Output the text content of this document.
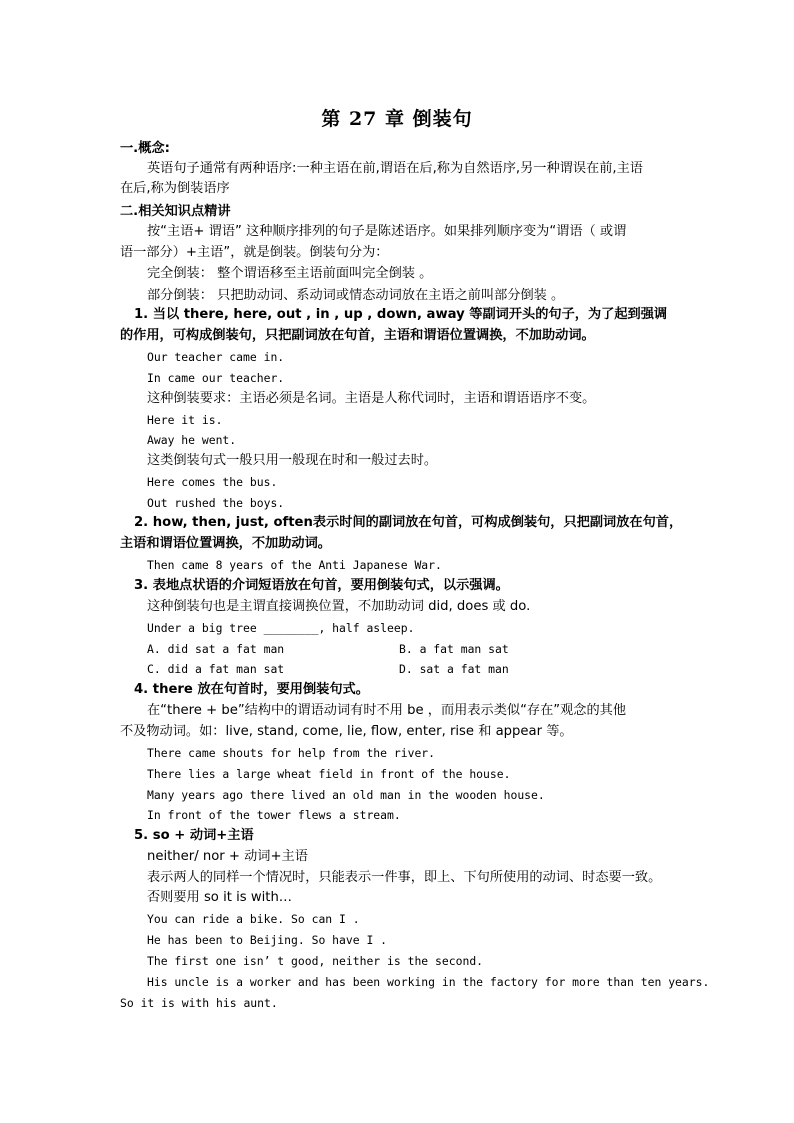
第 27 章 倒装句
一.概念:
英语句子通常有两种语序:一种主语在前,谓语在后,称为自然语序,另一种谓误在前,主语
在后,称为倒装语序
二.相关知识点精讲
按“主语+ 谓语” 这种顺序排列的句子是陈述语序。如果排列顺序变为“谓语（ 或谓
语一部分）+主语”，就是倒装。倒装句分为：
完全倒装： 整个谓语移至主语前面叫完全倒装 。
部分倒装： 只把助动词、系动词或情态动词放在主语之前叫部分倒装 。
1. 当以 there, here, out , in , up , down, away 等副词开头的句子，为了起到强调
的作用，可构成倒装句，只把副词放在句首，主语和谓语位置调换，不加助动词。
Our teacher came in.
In came our teacher.
这种倒装要求：主语必须是名词。主语是人称代词时，主语和谓语语序不变。
Here it is.
Away he went.
这类倒装句式一般只用一般现在时和一般过去时。
Here comes the bus.
Out rushed the boys.
2. how, then, just, often表示时间的副词放在句首，可构成倒装句，只把副词放在句首，
主语和谓语位置调换，不加助动词。
Then came 8 years of the Anti Japanese War.
3. 表地点状语的介词短语放在句首，要用倒装句式，以示强调。
这种倒装句也是主谓直接调换位置，不加助动词 did, does 或 do.
Under a big tree ________, half asleep.
A. did sat a fat man	B. a fat man sat
C. did a fat man sat	D. sat a fat man
4. there 放在句首时，要用倒装句式。
在“there + be”结构中的谓语动词有时不用 be ，而用表示类似“存在”观念的其他
不及物动词。如：live, stand, come, lie, flow, enter, rise 和 appear 等。
There came shouts for help from the river.
There lies a large wheat field in front of the house.
Many years ago there lived an old man in the wooden house.
In front of the tower flews a stream.
5. so + 动词+主语
neither/ nor + 动词+主语
表示两人的同样一个情况时，只能表示一件事，即上、下句所使用的动词、时态要一致。
否则要用 so it is with…
You can ride a bike. So can I .
He has been to Beijing. So have I .
The first one isn’ t good, neither is the second.
His uncle is a worker and has been working in the factory for more than ten years.
So it is with his aunt.
